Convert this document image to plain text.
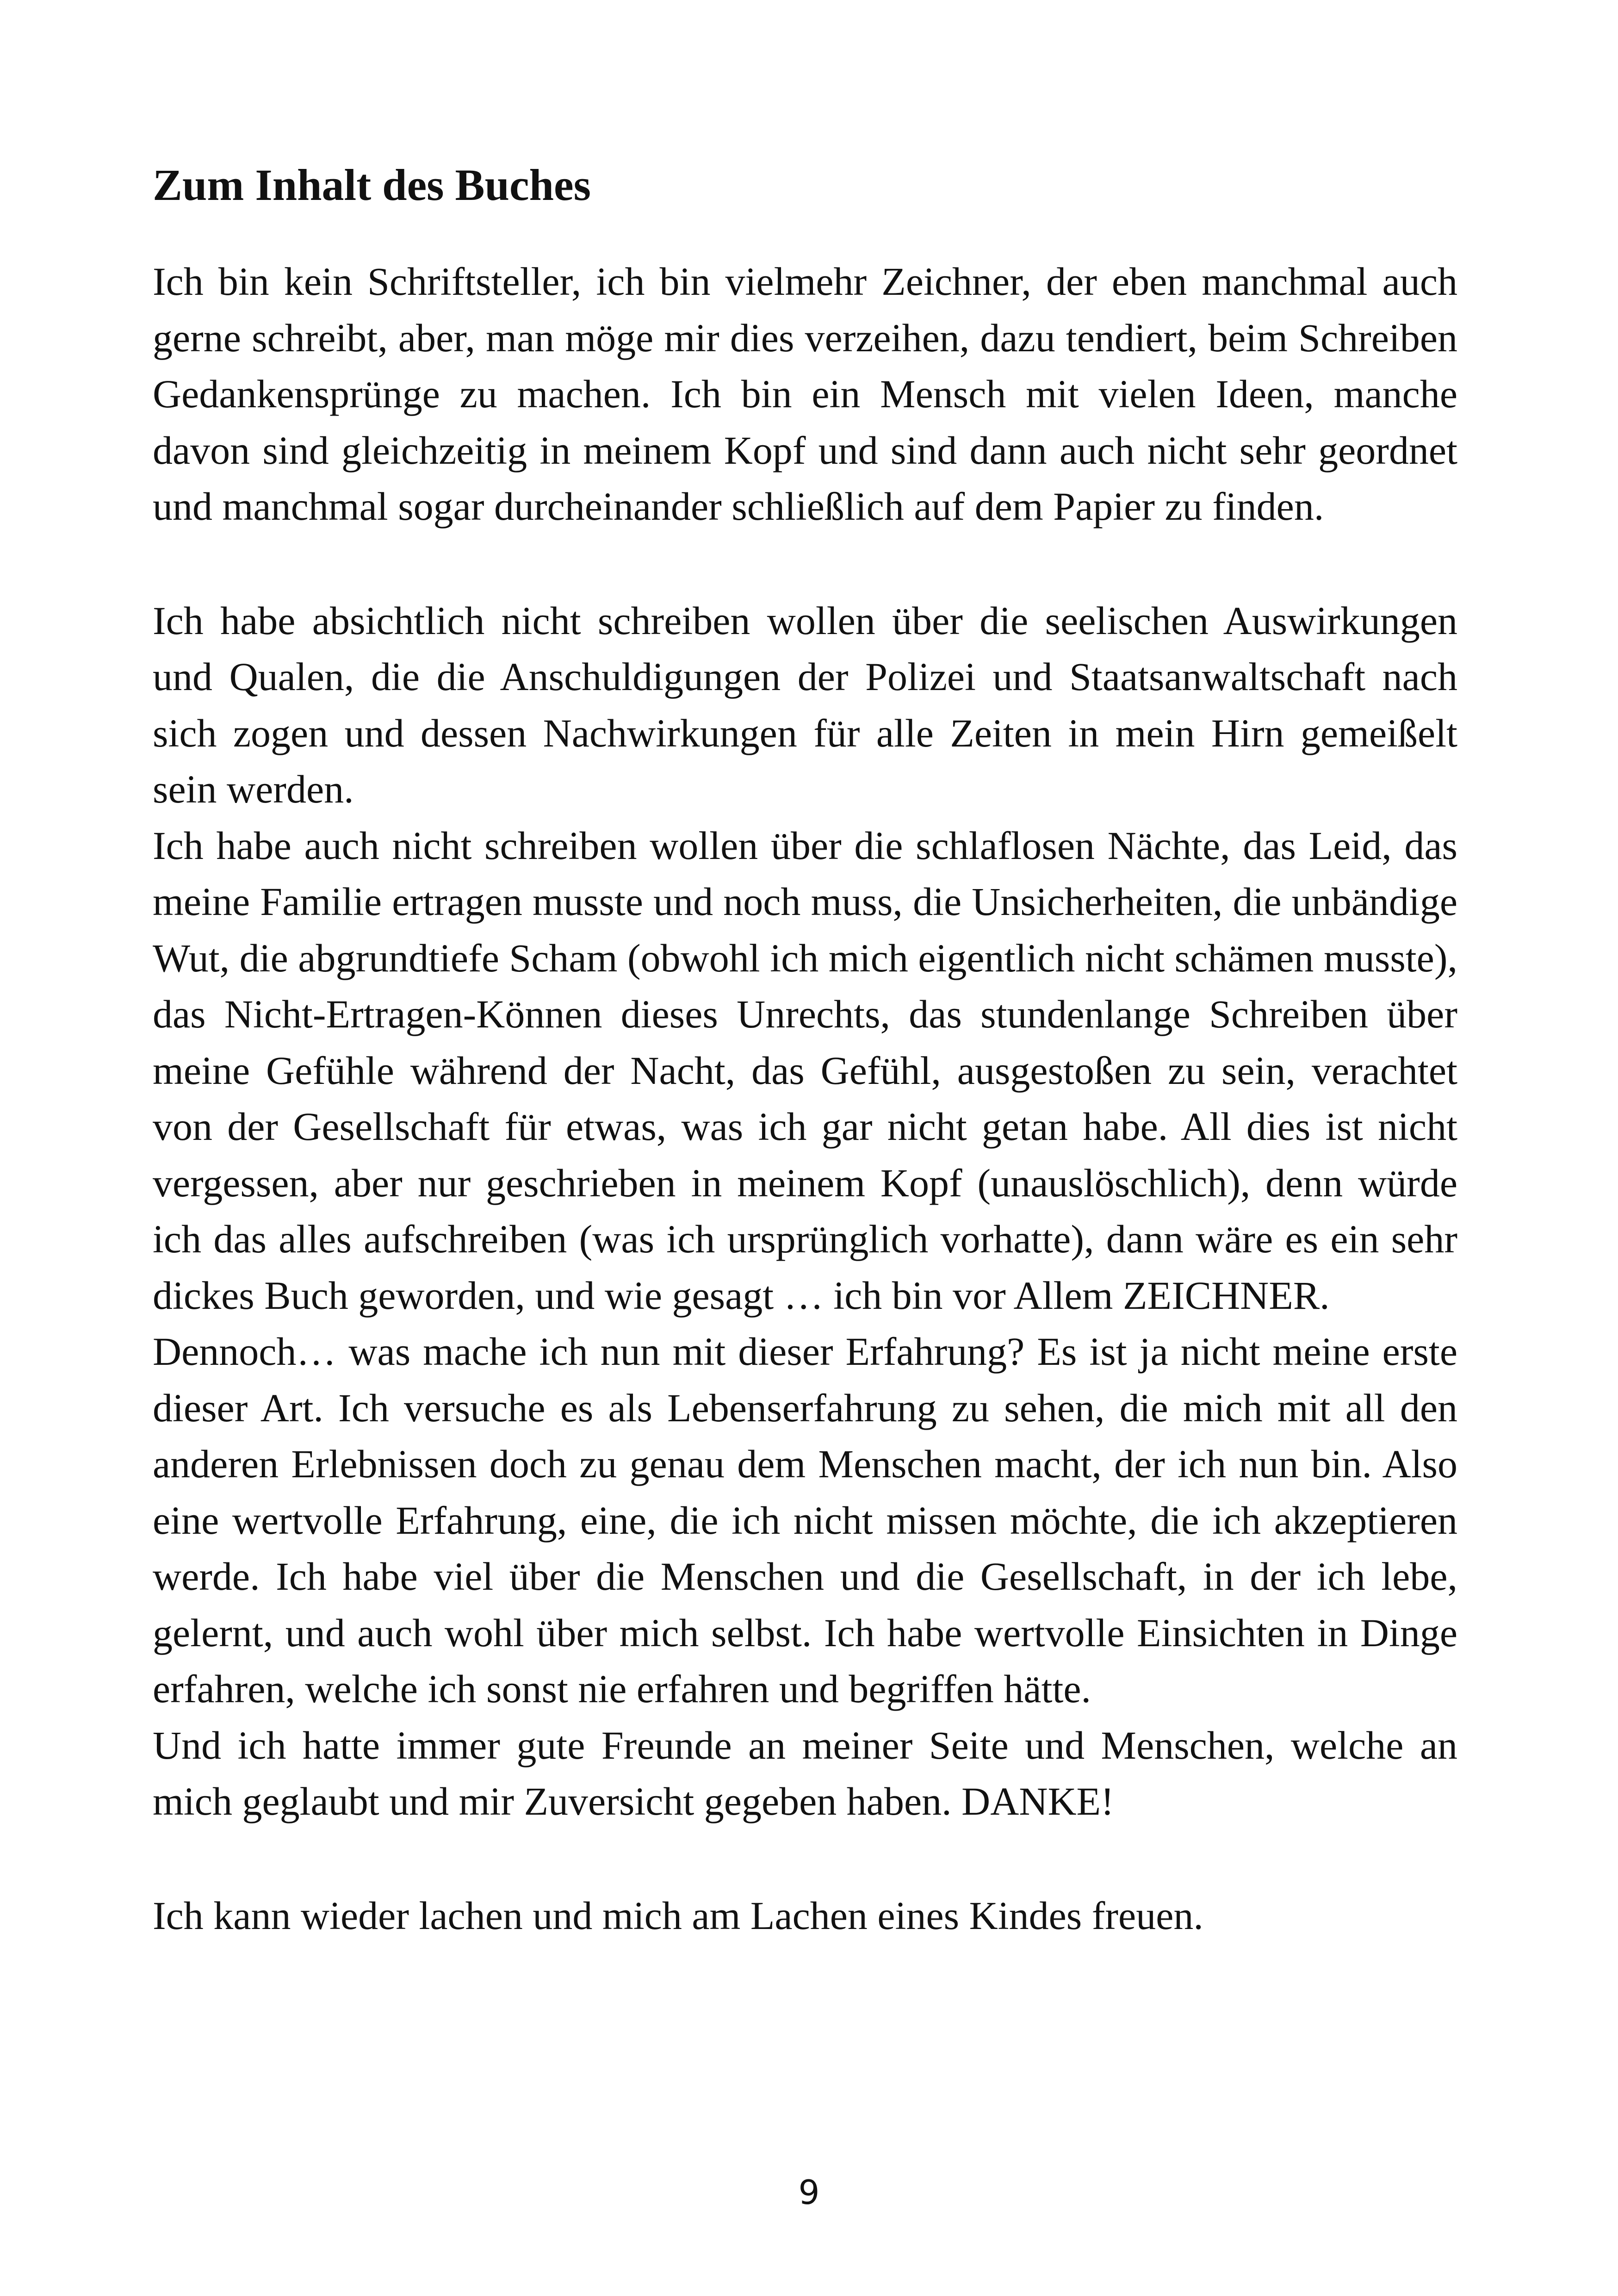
Zum Inhalt des Buches

Ich bin kein Schriftsteller, ich bin vielmehr Zeichner, der eben manchmal auch gerne schreibt, aber, man möge mir dies verzeihen, dazu tendiert, beim Schreiben Gedankensprünge zu machen. Ich bin ein Mensch mit vielen Ideen, manche davon sind gleichzeitig in meinem Kopf und sind dann auch nicht sehr geordnet und manchmal sogar durcheinander schließlich auf dem Papier zu finden.

Ich habe absichtlich nicht schreiben wollen über die seelischen Auswirkungen und Qualen, die die Anschuldigungen der Polizei und Staatsanwaltschaft nach sich zogen und dessen Nachwirkungen für alle Zeiten in mein Hirn gemeißelt sein werden.

Ich habe auch nicht schreiben wollen über die schlaflosen Nächte, das Leid, das meine Familie ertragen musste und noch muss, die Unsicherheiten, die unbändige Wut, die abgrundtiefe Scham (obwohl ich mich eigentlich nicht schämen musste), das Nicht-Ertragen-Können dieses Unrechts, das stundenlange Schreiben über meine Gefühle während der Nacht, das Gefühl, ausgestoßen zu sein, verachtet von der Gesellschaft für etwas, was ich gar nicht getan habe. All dies ist nicht vergessen, aber nur geschrieben in meinem Kopf (unauslöschlich), denn würde ich das alles aufschreiben (was ich ursprünglich vorhatte), dann wäre es ein sehr dickes Buch geworden, und wie gesagt … ich bin vor Allem ZEICHNER.

Dennoch… was mache ich nun mit dieser Erfahrung? Es ist ja nicht meine erste dieser Art. Ich versuche es als Lebenserfahrung zu sehen, die mich mit all den anderen Erlebnissen doch zu genau dem Menschen macht, der ich nun bin. Also eine wertvolle Erfahrung, eine, die ich nicht missen möchte, die ich akzeptieren werde. Ich habe viel über die Menschen und die Gesellschaft, in der ich lebe, gelernt, und auch wohl über mich selbst. Ich habe wertvolle Einsichten in Dinge erfahren, welche ich sonst nie erfahren und begriffen hätte.

Und ich hatte immer gute Freunde an meiner Seite und Menschen, welche an mich geglaubt und mir Zuversicht gegeben haben. DANKE!

Ich kann wieder lachen und mich am Lachen eines Kindes freuen.

9
